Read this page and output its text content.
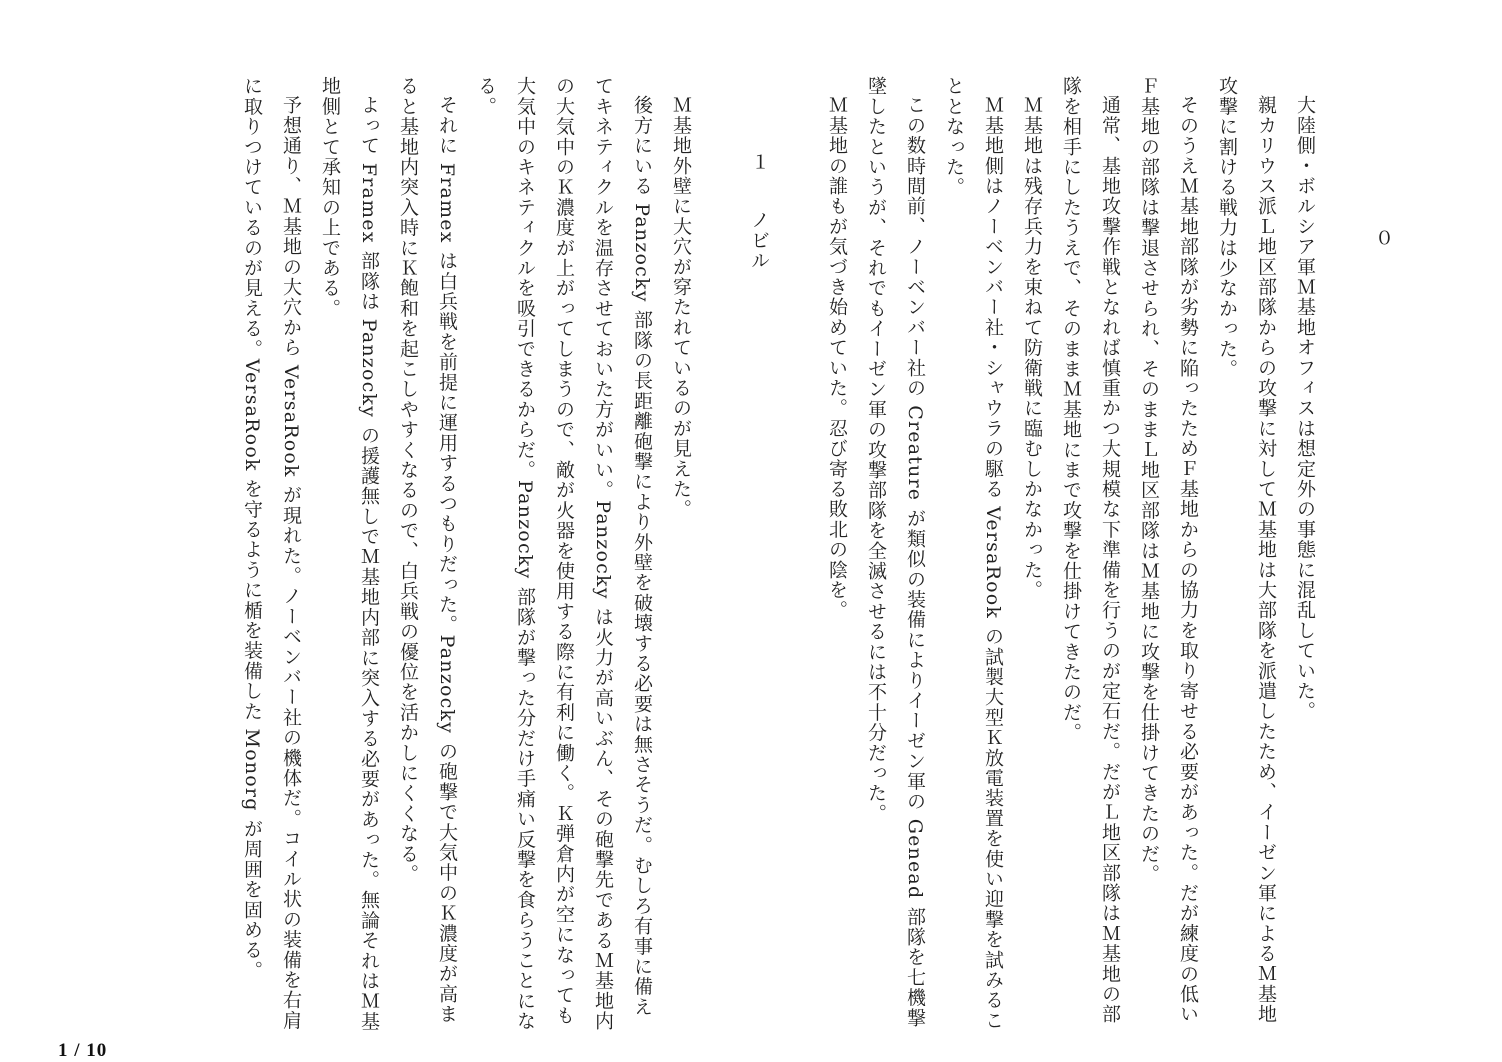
０

大陸側・ボルシア軍Ｍ基地オフィスは想定外の事態に混乱していた。

親カリウス派Ｌ地区部隊からの攻撃に対してＭ基地は大部隊を派遣したため、イーゼン軍によるＭ基地攻撃に割ける戦力は少なかった。

そのうえＭ基地部隊が劣勢に陥ったためＦ基地からの協力を取り寄せる必要があった。だが練度の低いＦ基地の部隊は撃退させられ、そのままＬ地区部隊はＭ基地に攻撃を仕掛けてきたのだ。

通常、基地攻撃作戦となれば慎重かつ大規模な下準備を行うのが定石だ。だがＬ地区部隊はＭ基地の部隊を相手にしたうえで、そのままＭ基地にまで攻撃を仕掛けてきたのだ。

Ｍ基地は残存兵力を束ねて防衛戦に臨むしかなかった。

Ｍ基地側はノーベンバー社・シャウラの駆る VersaRook の試製大型Ｋ放電装置を使い迎撃を試みることとなった。

この数時間前、ノーベンバー社の Creature が類似の装備によりイーゼン軍の Genead 部隊を七機撃墜したというが、それでもイーゼン軍の攻撃部隊を全滅させるには不十分だった。

Ｍ基地の誰もが気づき始めていた。忍び寄る敗北の陰を。

１ノビル

Ｍ基地外壁に大穴が穿たれているのが見えた。

後方にいる Panzocky 部隊の長距離砲撃により外壁を破壊する必要は無さそうだ。むしろ有事に備えてキネティクルを温存させておいた方がいい。Panzocky は火力が高いぶん、その砲撃先であるＭ基地内の大気中のＫ濃度が上がってしまうので、敵が火器を使用する際に有利に働く。Ｋ弾倉内が空になっても大気中のキネティクルを吸引できるからだ。Panzocky 部隊が撃った分だけ手痛い反撃を食らうことになる。

それに Framex は白兵戦を前提に運用するつもりだった。Panzocky の砲撃で大気中のＫ濃度が高まると基地内突入時にＫ飽和を起こしやすくなるので、白兵戦の優位を活かしにくくなる。

よって Framex 部隊は Panzocky の援護無しでＭ基地内部に突入する必要があった。無論それはＭ基地側とて承知の上である。

予想通り、Ｍ基地の大穴から VersaRook が現れた。ノーベンバー社の機体だ。コイル状の装備を右肩に取りつけているのが見える。VersaRook を守るように楯を装備した Monorg が周囲を固める。

1 / 10
